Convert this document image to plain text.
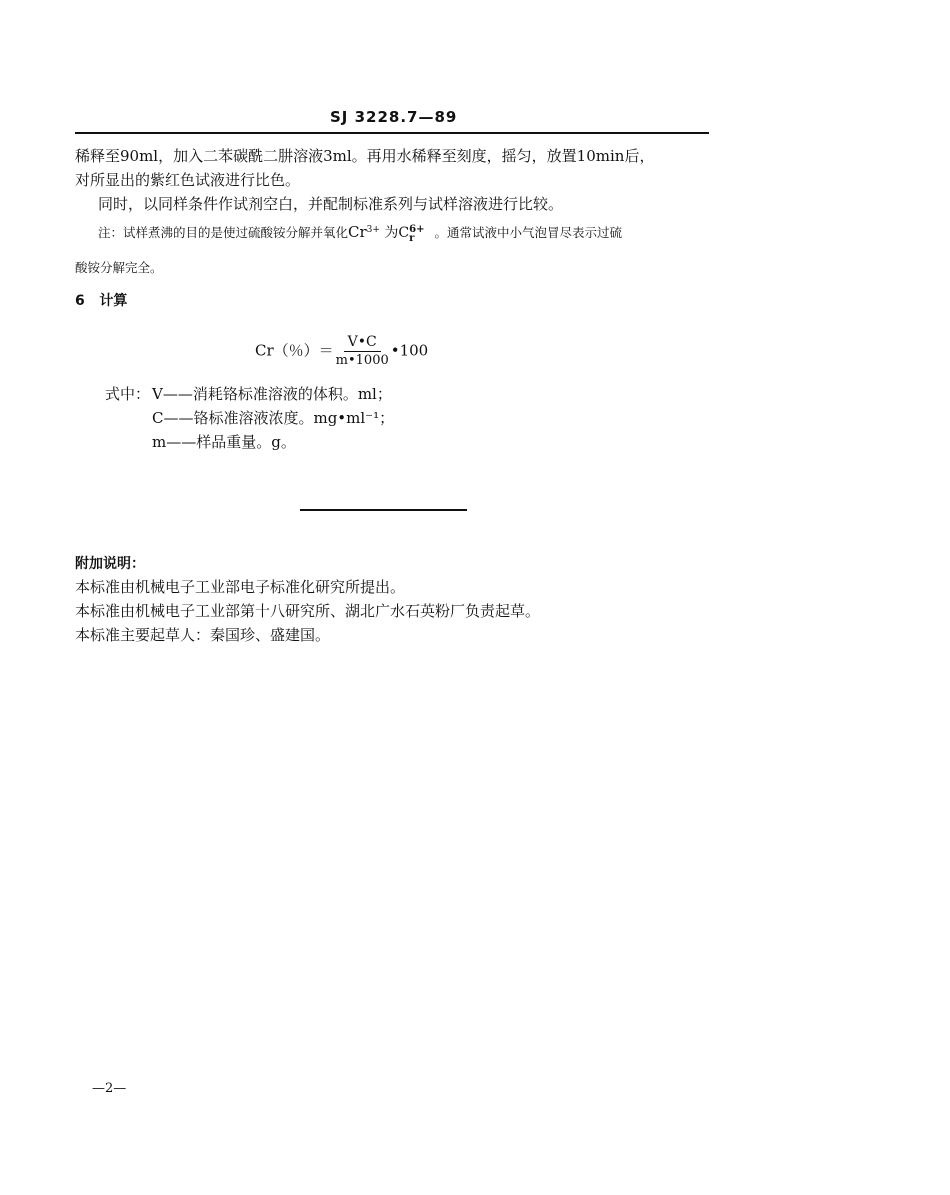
SJ 3228.7—89
稀释至90ml，加入二苯碳酰二肼溶液3ml。再用水稀释至刻度，摇匀，放置10min后，
对所显出的紫红色试液进行比色。
同时，以同样条件作试剂空白，并配制标准系列与试样溶液进行比较。
注：试样煮沸的目的是使过硫酸铵分解并氧化$Cr^{3+}$ 为C 6+
r	。通常试液中小气泡冒尽表示过硫
酸铵分解完全。
6 计算
Cr（％）＝ $\frac{V•C}{m•1000}$ •100
式中： V——消耗铬标准溶液的体积。ml；
C——铬标准溶液浓度。mg•ml⁻¹；
m——样品重量。g。
附加说明：
本标准由机械电子工业部电子标准化研究所提出。
本标准由机械电子工业部第十八研究所、湖北广水石英粉厂负责起草。
本标准主要起草人：秦国珍、盛建国。
—2—
